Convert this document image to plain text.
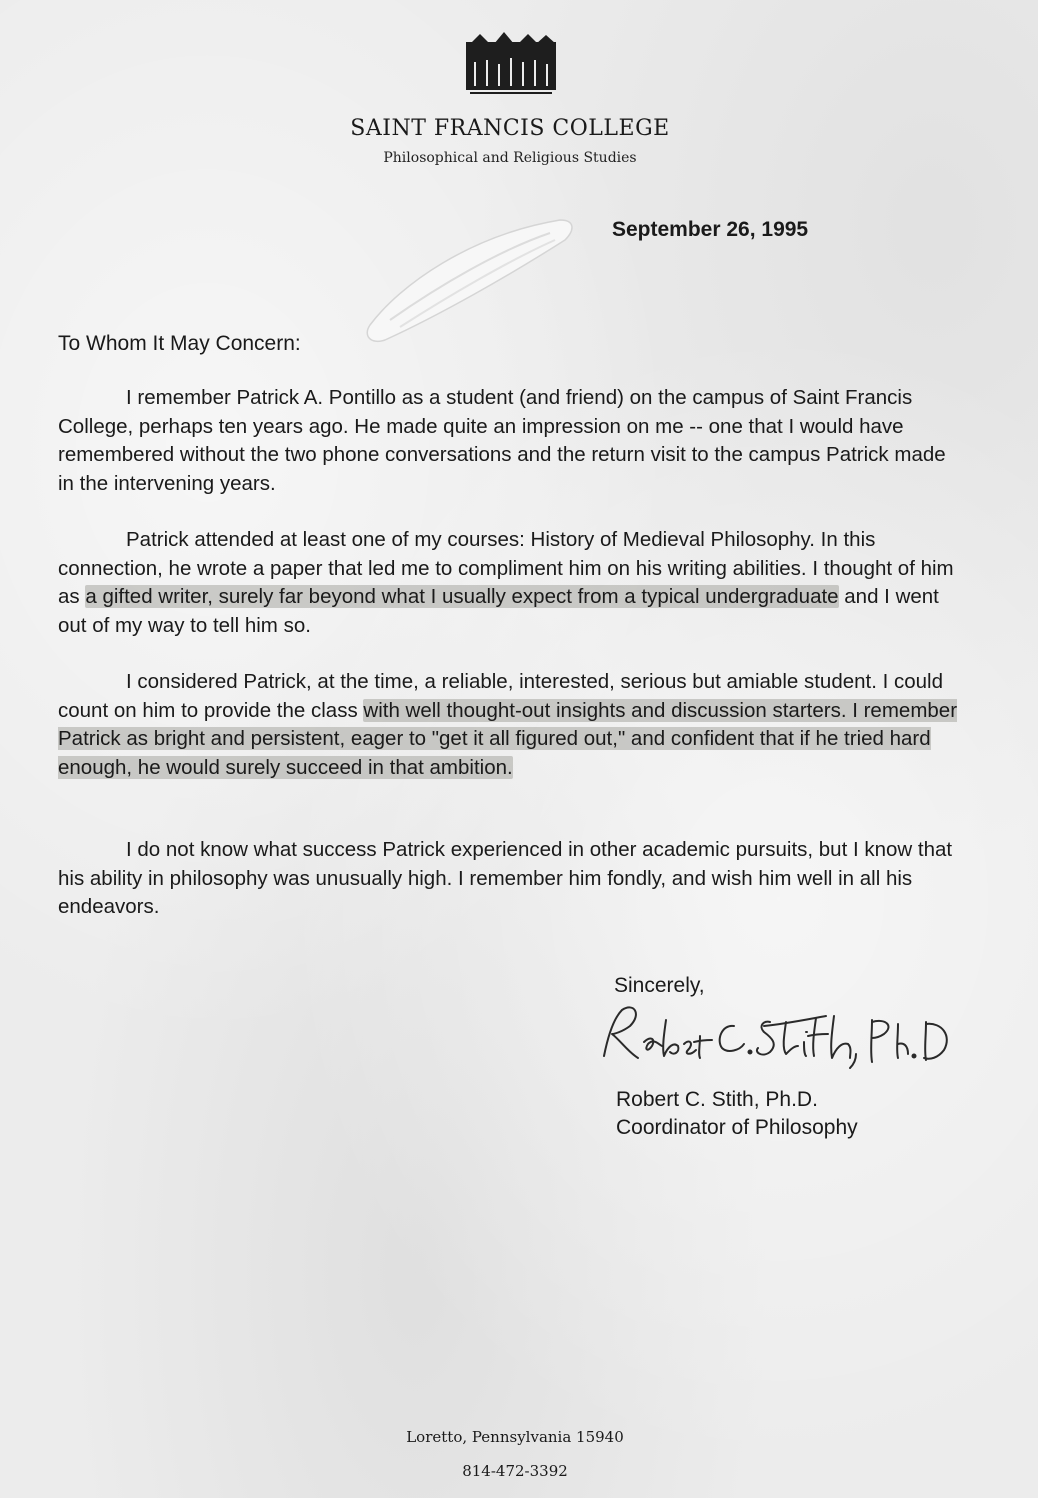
SAINT FRANCIS COLLEGE
Philosophical and Religious Studies
September 26, 1995
To Whom It May Concern:

I remember Patrick A. Pontillo as a student (and friend) on the campus of Saint Francis College, perhaps ten years ago. He made quite an impression on me -- one that I would have remembered without the two phone conversations and the return visit to the campus Patrick made in the intervening years.

Patrick attended at least one of my courses: History of Medieval Philosophy. In this connection, he wrote a paper that led me to compliment him on his writing abilities. I thought of him as a gifted writer, surely far beyond what I usually expect from a typical undergraduate and I went out of my way to tell him so.

I considered Patrick, at the time, a reliable, interested, serious but amiable student. I could count on him to provide the class with well thought-out insights and discussion starters. I remember Patrick as bright and persistent, eager to "get it all figured out," and confident that if he tried hard enough, he would surely succeed in that ambition.

I do not know what success Patrick experienced in other academic pursuits, but I know that his ability in philosophy was unusually high. I remember him fondly, and wish him well in all his endeavors.

Sincerely,
Robert C. Stith, Ph.D.
Coordinator of Philosophy
Loretto, Pennsylvania 15940
814-472-3392
